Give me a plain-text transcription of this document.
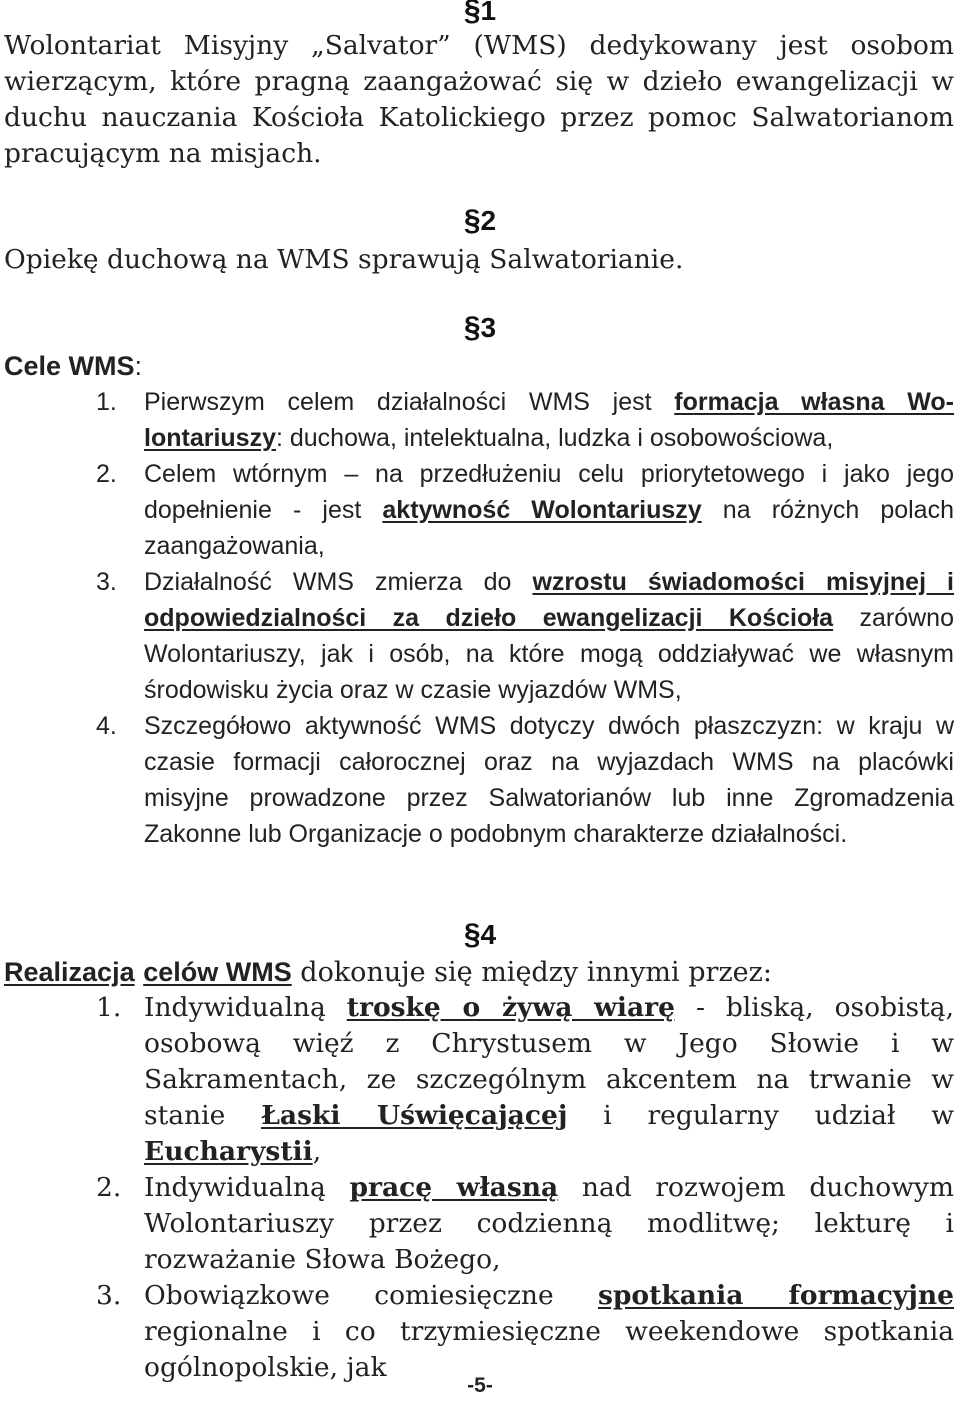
§1

Wolontariat Misyjny „Salvator” (WMS) dedykowany jest osobom wierzącym, które pragną zaangażować się w dzieło ewangelizacji w duchu nauczania Kościoła Katolickiego przez pomoc Salwatorianom pracującym na misjach.

§2

Opiekę duchową na WMS sprawują Salwatorianie.

§3
Cele WMS:
1. Pierwszym celem działalności WMS jest formacja własna Wolontariuszy: duchowa, intelektualna, ludzka i osobowościowa,
2. Celem wtórnym – na przedłużeniu celu priorytetowego i jako jego dopełnienie - jest aktywność Wolontariuszy na różnych polach zaangażowania,
3. Działalność WMS zmierza do wzrostu świadomości misyjnej i odpowiedzialności za dzieło ewangelizacji Kościoła zarówno Wolontariuszy, jak i osób, na które mogą oddziaływać we własnym środowisku życia oraz w czasie wyjazdów WMS,
4. Szczegółowo aktywność WMS dotyczy dwóch płaszczyzn: w kraju w czasie formacji całorocznej oraz na wyjazdach WMS na placówki misyjne prowadzone przez Salwatorianów lub inne Zgromadzenia Zakonne lub Organizacje o podobnym charakterze działalności.
§4
Realizacja celów WMS dokonuje się między innymi przez:
1. Indywidualną troskę o żywą wiarę - bliską, osobistą, osobową więź z Chrystusem w Jego Słowie i w Sakramentach, ze szczególnym akcentem na trwanie w stanie Łaski Uświęcającej i regularny udział w Eucharystii,
2. Indywidualną pracę własną nad rozwojem duchowym Wolontariuszy przez codzienną modlitwę; lekturę i rozważanie Słowa Bożego,
3. Obowiązkowe comiesięczne spotkania formacyjne regionalne i co trzymiesięczne weekendowe spotkania ogólnopolskie, jak
-5-
